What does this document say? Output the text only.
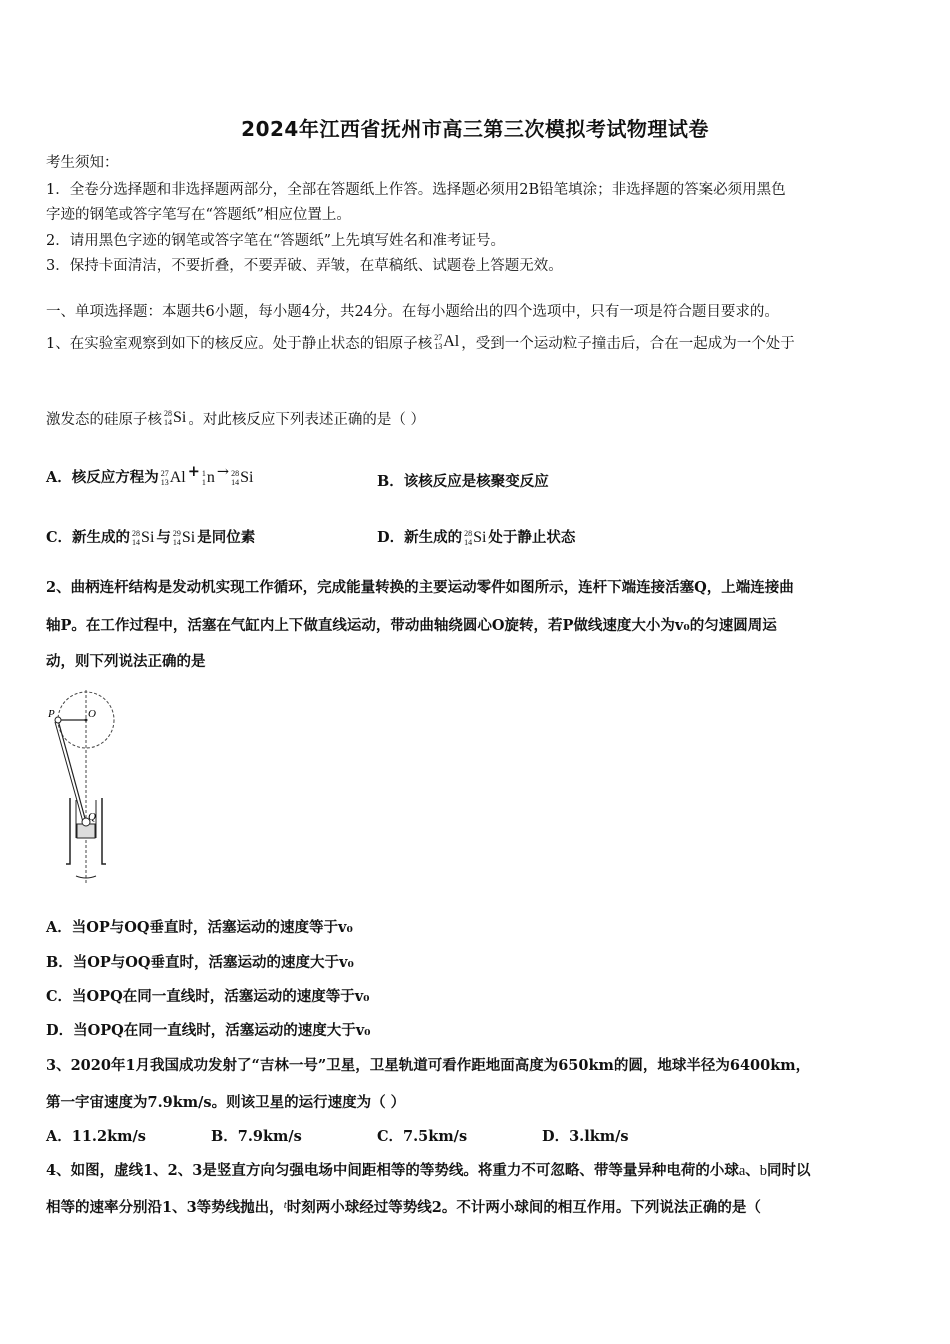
2024年江西省抚州市高三第三次模拟考试物理试卷
考生须知：
1．全卷分选择题和非选择题两部分，全部在答题纸上作答。选择题必须用2B铅笔填涂；非选择题的答案必须用黑色
字迹的钢笔或答字笔写在“答题纸”相应位置上。
2．请用黑色字迹的钢笔或答字笔在“答题纸”上先填写姓名和准考证号。
3．保持卡面清洁，不要折叠，不要弄破、弄皱，在草稿纸、试题卷上答题无效。
一、单项选择题：本题共6小题，每小题4分，共24分。在每小题给出的四个选项中，只有一项是符合题目要求的。
1、在实验室观察到如下的核反应。处于静止状态的铝原子核 27
13 Al ，受到一个运动粒子撞击后，合在一起成为一个处于
激发态的硅原子核 28
14 Si 。对此核反应下列表述正确的是（ ）
A．核反应方程为 27
13 Al + 1
1 n → 28
14 Si	B．该核反应是核聚变反应
C．新生成的 28
14 Si 与 29
14 Si 是同位素	D．新生成的 28
14 Si 处于静止状态
2、曲柄连杆结构是发动机实现工作循环，完成能量转换的主要运动零件如图所示，连杆下端连接活塞Q，上端连接曲
轴P。在工作过程中，活塞在气缸内上下做直线运动，带动曲轴绕圆心O旋转，若P做线速度大小为v₀的匀速圆周运
动，则下列说法正确的是
P	O
Q
A．当OP与OQ垂直时，活塞运动的速度等于v₀
B．当OP与OQ垂直时，活塞运动的速度大于v₀
C．当OPQ在同一直线时，活塞运动的速度等于v₀
D．当OPQ在同一直线时，活塞运动的速度大于v₀
3、2020年1月我国成功发射了“吉林一号”卫星，卫星轨道可看作距地面高度为650km的圆，地球半径为6400km，
第一宇宙速度为7.9km/s。则该卫星的运行速度为（ ）
A．11.2km/s	B．7.9km/s	C．7.5km/s	D．3.lkm/s
4、如图，虚线1、2、3是竖直方向匀强电场中间距相等的等势线。将重力不可忽略、带等量异种电荷的小球a、b同时以
相等的速率分别沿1、3等势线抛出，$^t$时刻两小球经过等势线2。不计两小球间的相互作用。下列说法正确的是（
